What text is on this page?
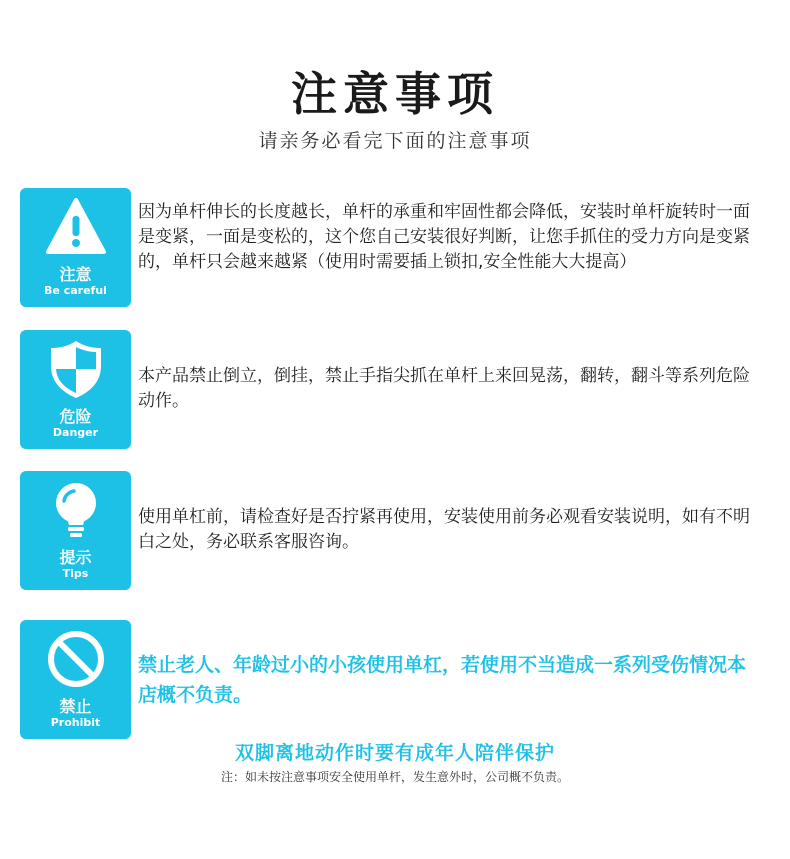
注意事项
请亲务必看完下面的注意事项
注意
Be careful
因为单杆伸长的长度越长，单杆的承重和牢固性都会降低，安装时单杆旋转时一面是变紧，一面是变松的，这个您自己安装很好判断，让您手抓住的受力方向是变紧的，单杆只会越来越紧（使用时需要插上锁扣,安全性能大大提高）
危险
Danger
本产品禁止倒立，倒挂，禁止手指尖抓在单杆上来回晃荡，翻转，翻斗等系列危险动作。
提示
Tips
使用单杠前，请检查好是否拧紧再使用，安装使用前务必观看安装说明，如有不明白之处，务必联系客服咨询。
禁止
Prohibit
禁止老人、年龄过小的小孩使用单杠，若使用不当造成一系列受伤情况本店概不负责。
双脚离地动作时要有成年人陪伴保护
注：如未按注意事项安全使用单杆，发生意外时，公司概不负责。
